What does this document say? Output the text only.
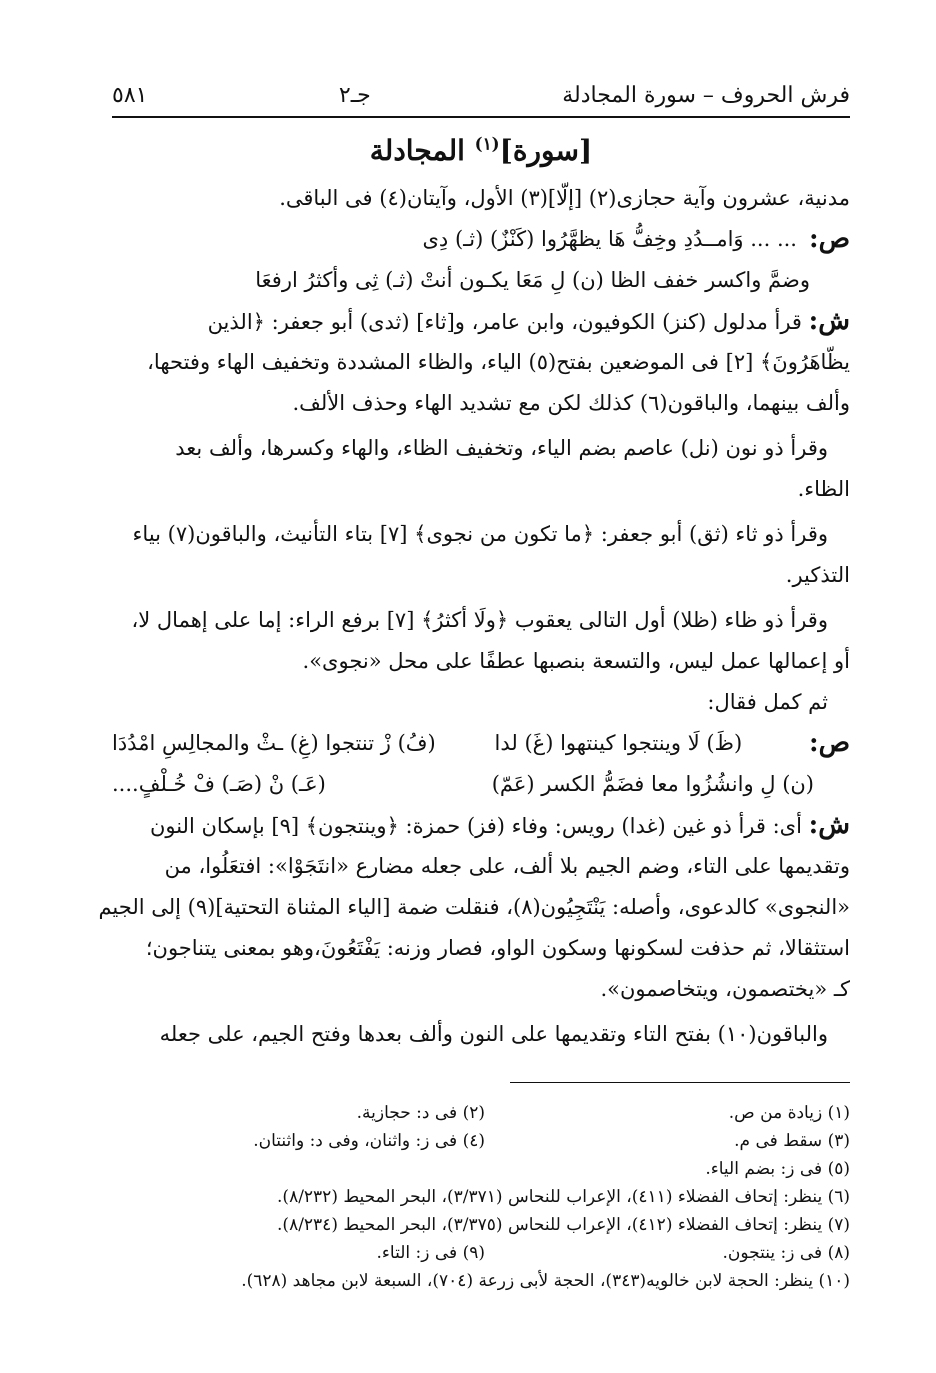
فرش الحروف – سورة المجادلة
جـ٢
٥٨١
[سورة]$^{(١)}$ المجادلة
مدنية، عشرون وآية حجازى(٢) [إلّا](٣) الأول، وآيتان(٤) فى الباقى.
ص:
... ... وَامــدُدِ وخِفُّ هَا يظهَّرُوا (كَنْزٌ) (ثـ) دِى
وضمَّ واكسر خفف الظا (ن) لِ مَعَا يكـون أنتْ (ثـ) ثِى وأكثرُ ارفعَا
ش: قرأ مدلول (كنز) الكوفيون، وابن عامر، و[ثاء] (ثدى) أبو جعفر: ﴿الذين
يظّاهَرُونَ﴾ [٢] فى الموضعين بفتح(٥) الياء، والظاء المشددة وتخفيف الهاء وفتحها،
وألف بينهما، والباقون(٦) كذلك لكن مع تشديد الهاء وحذف الألف.
وقرأ ذو نون (نل) عاصم بضم الياء، وتخفيف الظاء، والهاء وكسرها، وألف بعد
الظاء.
وقرأ ذو ثاء (ثق) أبو جعفر: ﴿ما تكون من نجوى﴾ [٧] بتاء التأنيث، والباقون(٧) بياء
التذكير.
وقرأ ذو ظاء (ظلا) أول التالى يعقوب ﴿ولَا أكثرُ﴾ [٧] برفع الراء: إما على إهمال لا،
أو إعمالها عمل ليس، والتسعة بنصبها عطفًا على محل «نجوى».
ثم كمل فقال:
ص:
(ظَ) لَا وينتجوا كينتهوا (غَ) لدا
(فُ) زْ تنتجوا (غِ) ـثْ والمجالِسِ امْدُدَا
(ن) لِ وانشُزُوا معا فضَمُّ الكسر (عَمّ)
(عَـ) نْ (صَـ) فْ خُـلْفٍ....
ش: أى: قرأ ذو غين (غدا) رويس: وفاء (فز) حمزة: ﴿وينتجون﴾ [٩] بإسكان النون
وتقديمها على التاء، وضم الجيم بلا ألف، على جعله مضارع «انتَجَوْا»: افتعَلُوا، من
«النجوى» كالدعوى، وأصله: يَنْتَجِيُون(٨)، فنقلت ضمة [الياء المثناة التحتية](٩) إلى الجيم
استثقالا، ثم حذفت لسكونها وسكون الواو، فصار وزنه: يَفْتَعُونَ،وهو بمعنى يتناجون؛
كـ «يختصمون، ويتخاصمون».
والباقون(١٠) بفتح التاء وتقديمها على النون وألف بعدها وفتح الجيم، على جعله
(١) زيادة من ص.
(٢) فى د: حجازية.
(٣) سقط فى م.
(٤) فى ز: واثنان، وفى د: واثنتان.
(٥) فى ز: بضم الياء.
(٦) ينظر: إتحاف الفضلاء (٤١١)، الإعراب للنحاس (٣/٣٧١)، البحر المحيط (٨/٢٣٢).
(٧) ينظر: إتحاف الفضلاء (٤١٢)، الإعراب للنحاس (٣/٣٧٥)، البحر المحيط (٨/٢٣٤).
(٨) فى ز: ينتجون.
(٩) فى ز: التاء.
(١٠) ينظر: الحجة لابن خالويه(٣٤٣)، الحجة لأبى زرعة (٧٠٤)، السبعة لابن مجاهد (٦٢٨).
